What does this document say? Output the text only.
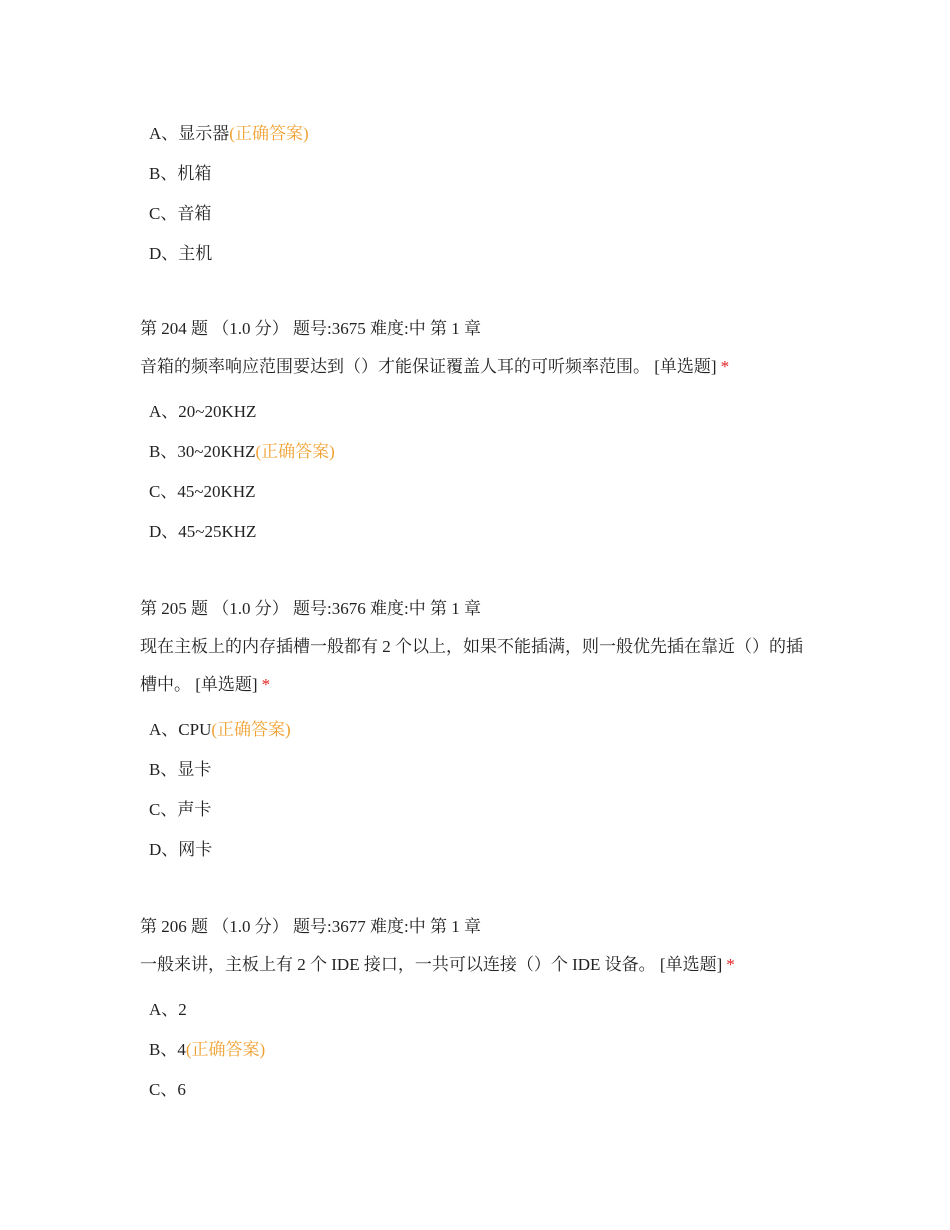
A、显示器(正确答案)
B、机箱
C、音箱
D、主机
第 204 题 （1.0 分） 题号:3675 难度:中 第 1 章
音箱的频率响应范围要达到（）才能保证覆盖人耳的可听频率范围。 [单选题] *
A、20~20KHZ
B、30~20KHZ(正确答案)
C、45~20KHZ
D、45~25KHZ
第 205 题 （1.0 分） 题号:3676 难度:中 第 1 章
现在主板上的内存插槽一般都有 2 个以上，如果不能插满，则一般优先插在靠近（）的插槽中。 [单选题] *
A、CPU(正确答案)
B、显卡
C、声卡
D、网卡
第 206 题 （1.0 分） 题号:3677 难度:中 第 1 章
一般来讲，主板上有 2 个 IDE 接口，一共可以连接（）个 IDE 设备。 [单选题] *
A、2
B、4(正确答案)
C、6
